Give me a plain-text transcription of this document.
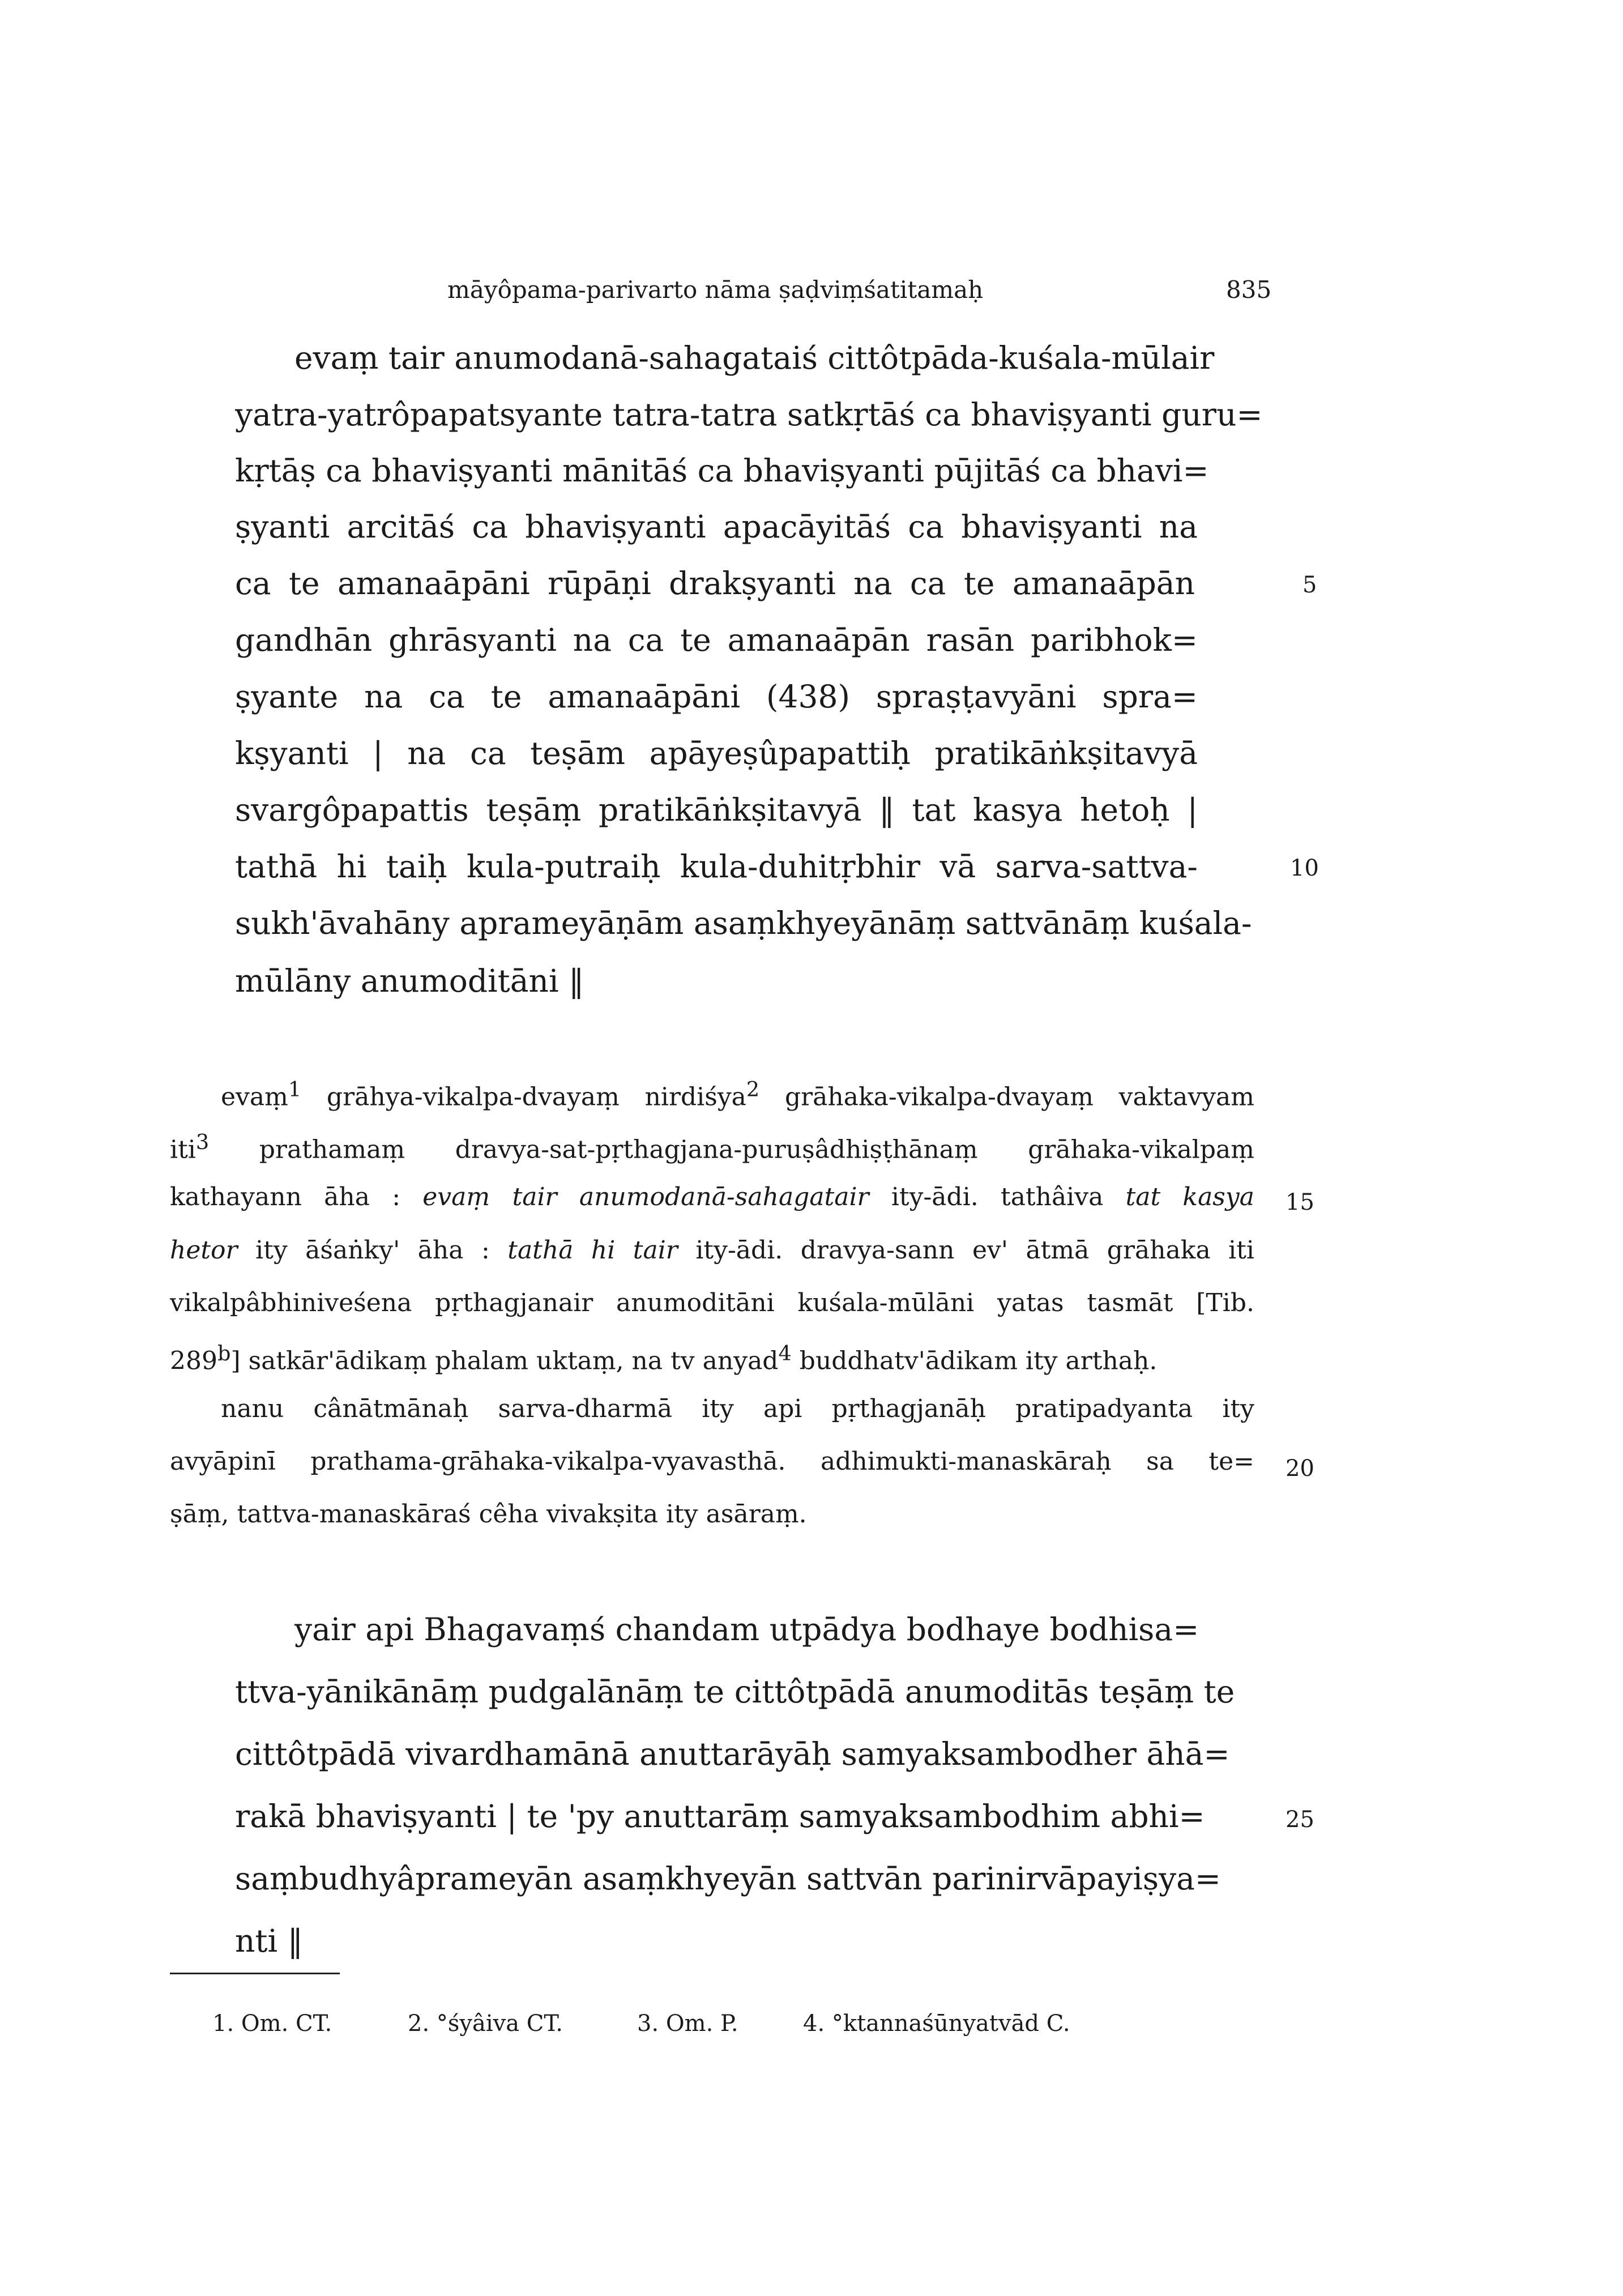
māyôpama-parivarto nāma ṣaḍviṃśatitamaḥ	835
evaṃ tair anumodanā-sahagataiś cittôtpāda-kuśala-mūlair
yatra-yatrôpapatsyante tatra-tatra satkṛtāś ca bhaviṣyanti guru=
kṛtāṣ ca bhaviṣyanti mānitāś ca bhaviṣyanti pūjitāś ca bhavi=
ṣyanti arcitāś ca bhaviṣyanti apacāyitāś ca bhaviṣyanti na
ca te amanaāpāni rūpāṇi drakṣyanti na ca te amanaāpān
gandhān ghrāsyanti na ca te amanaāpān rasān paribhok=
ṣyante na ca te amanaāpāni (438) spraṣṭavyāni spra=
kṣyanti | na ca teṣām apāyeṣûpapattiḥ pratikāṅkṣitavyā
svargôpapattis teṣāṃ pratikāṅkṣitavyā ‖ tat kasya hetoḥ |
tathā hi taiḥ kula-putraiḥ kula-duhitṛbhir vā sarva-sattva-
sukh'āvahāny aprameyāṇām asaṃkhyeyānāṃ sattvānāṃ kuśala-
mūlāny anumoditāni ‖
evaṃ$^1$ grāhya-vikalpa-dvayaṃ nirdiśya$^2$ grāhaka-vikalpa-dvayaṃ vaktavyam
iti$^3$ prathamaṃ dravya-sat-pṛthagjana-puruṣâdhiṣṭhānaṃ grāhaka-vikalpaṃ
kathayann āha : evaṃ tair anumodanā-sahagatair ity-ādi. tathâiva tat kasya
hetor ity āśaṅky' āha : tathā hi tair ity-ādi. dravya-sann ev' ātmā grāhaka iti
vikalpâbhiniveśena pṛthagjanair anumoditāni kuśala-mūlāni yatas tasmāt [Tib.
289$^b$] satkār'ādikaṃ phalam uktaṃ, na tv anyad$^4$ buddhatv'ādikam ity arthaḥ.
nanu cânātmānaḥ sarva-dharmā ity api pṛthagjanāḥ pratipadyanta ity
avyāpinī prathama-grāhaka-vikalpa-vyavasthā. adhimukti-manaskāraḥ sa te=
ṣāṃ, tattva-manaskāraś cêha vivakṣita ity asāraṃ.
yair api Bhagavaṃś chandam utpādya bodhaye bodhisa=
ttva-yānikānāṃ pudgalānāṃ te cittôtpādā anumoditās teṣāṃ te
cittôtpādā vivardhamānā anuttarāyāḥ samyaksambodher āhā=
rakā bhaviṣyanti | te 'py anuttarāṃ samyaksambodhim abhi=
saṃbudhyâprameyān asaṃkhyeyān sattvān parinirvāpayiṣya=
nti ‖
5
10
15
20
25
1. Om. CT.	2. °śyâiva CT.	3. Om. P.	4. °ktannaśūnyatvād C.
